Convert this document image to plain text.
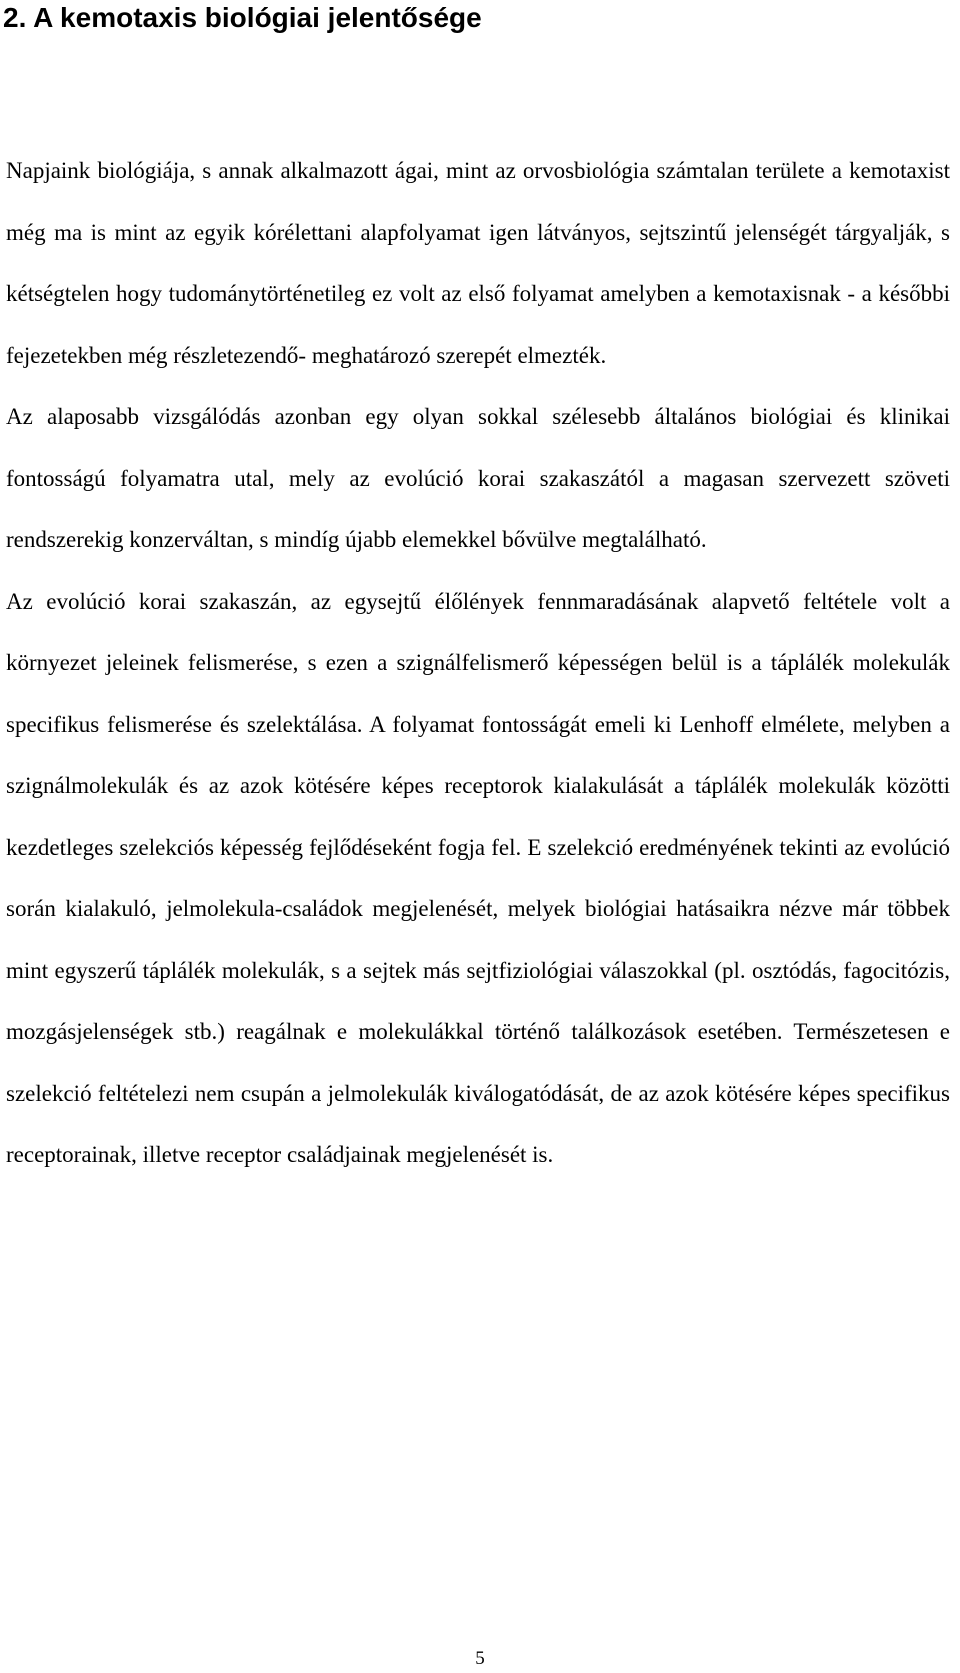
2. A kemotaxis biológiai jelentősége

Napjaink biológiája, s annak alkalmazott ágai, mint az orvosbiológia számtalan területe a kemotaxist még ma is mint az egyik kórélettani alapfolyamat igen látványos, sejtszintű jelenségét tárgyalják, s kétségtelen hogy tudománytörténetileg ez volt az első folyamat amelyben a kemotaxisnak - a későbbi fejezetekben még részletezendő- meghatározó szerepét elmezték.

Az alaposabb vizsgálódás azonban egy olyan sokkal szélesebb általános biológiai és klinikai fontosságú folyamatra utal, mely az evolúció korai szakaszától a magasan szervezett szöveti rendszerekig konzerváltan, s mindíg újabb elemekkel bővülve megtalálható.

Az evolúció korai szakaszán, az egysejtű élőlények fennmaradásának alapvető feltétele volt a környezet jeleinek felismerése, s ezen a szignálfelismerő képességen belül is a táplálék molekulák specifikus felismerése és szelektálása. A folyamat fontosságát emeli ki Lenhoff elmélete, melyben a szignálmolekulák és az azok kötésére képes receptorok kialakulását a táplálék molekulák közötti kezdetleges szelekciós képesség fejlődéseként fogja fel. E szelekció eredményének tekinti az evolúció során kialakuló, jelmolekula-családok megjelenését, melyek biológiai hatásaikra nézve már többek mint egyszerű táplálék molekulák, s a sejtek más sejtfiziológiai válaszokkal (pl. osztódás, fagocitózis, mozgásjelenségek stb.) reagálnak e molekulákkal történő találkozások esetében. Természetesen e szelekció feltételezi nem csupán a jelmolekulák kiválogatódását, de az azok kötésére képes specifikus receptorainak, illetve receptor családjainak megjelenését is.

5
